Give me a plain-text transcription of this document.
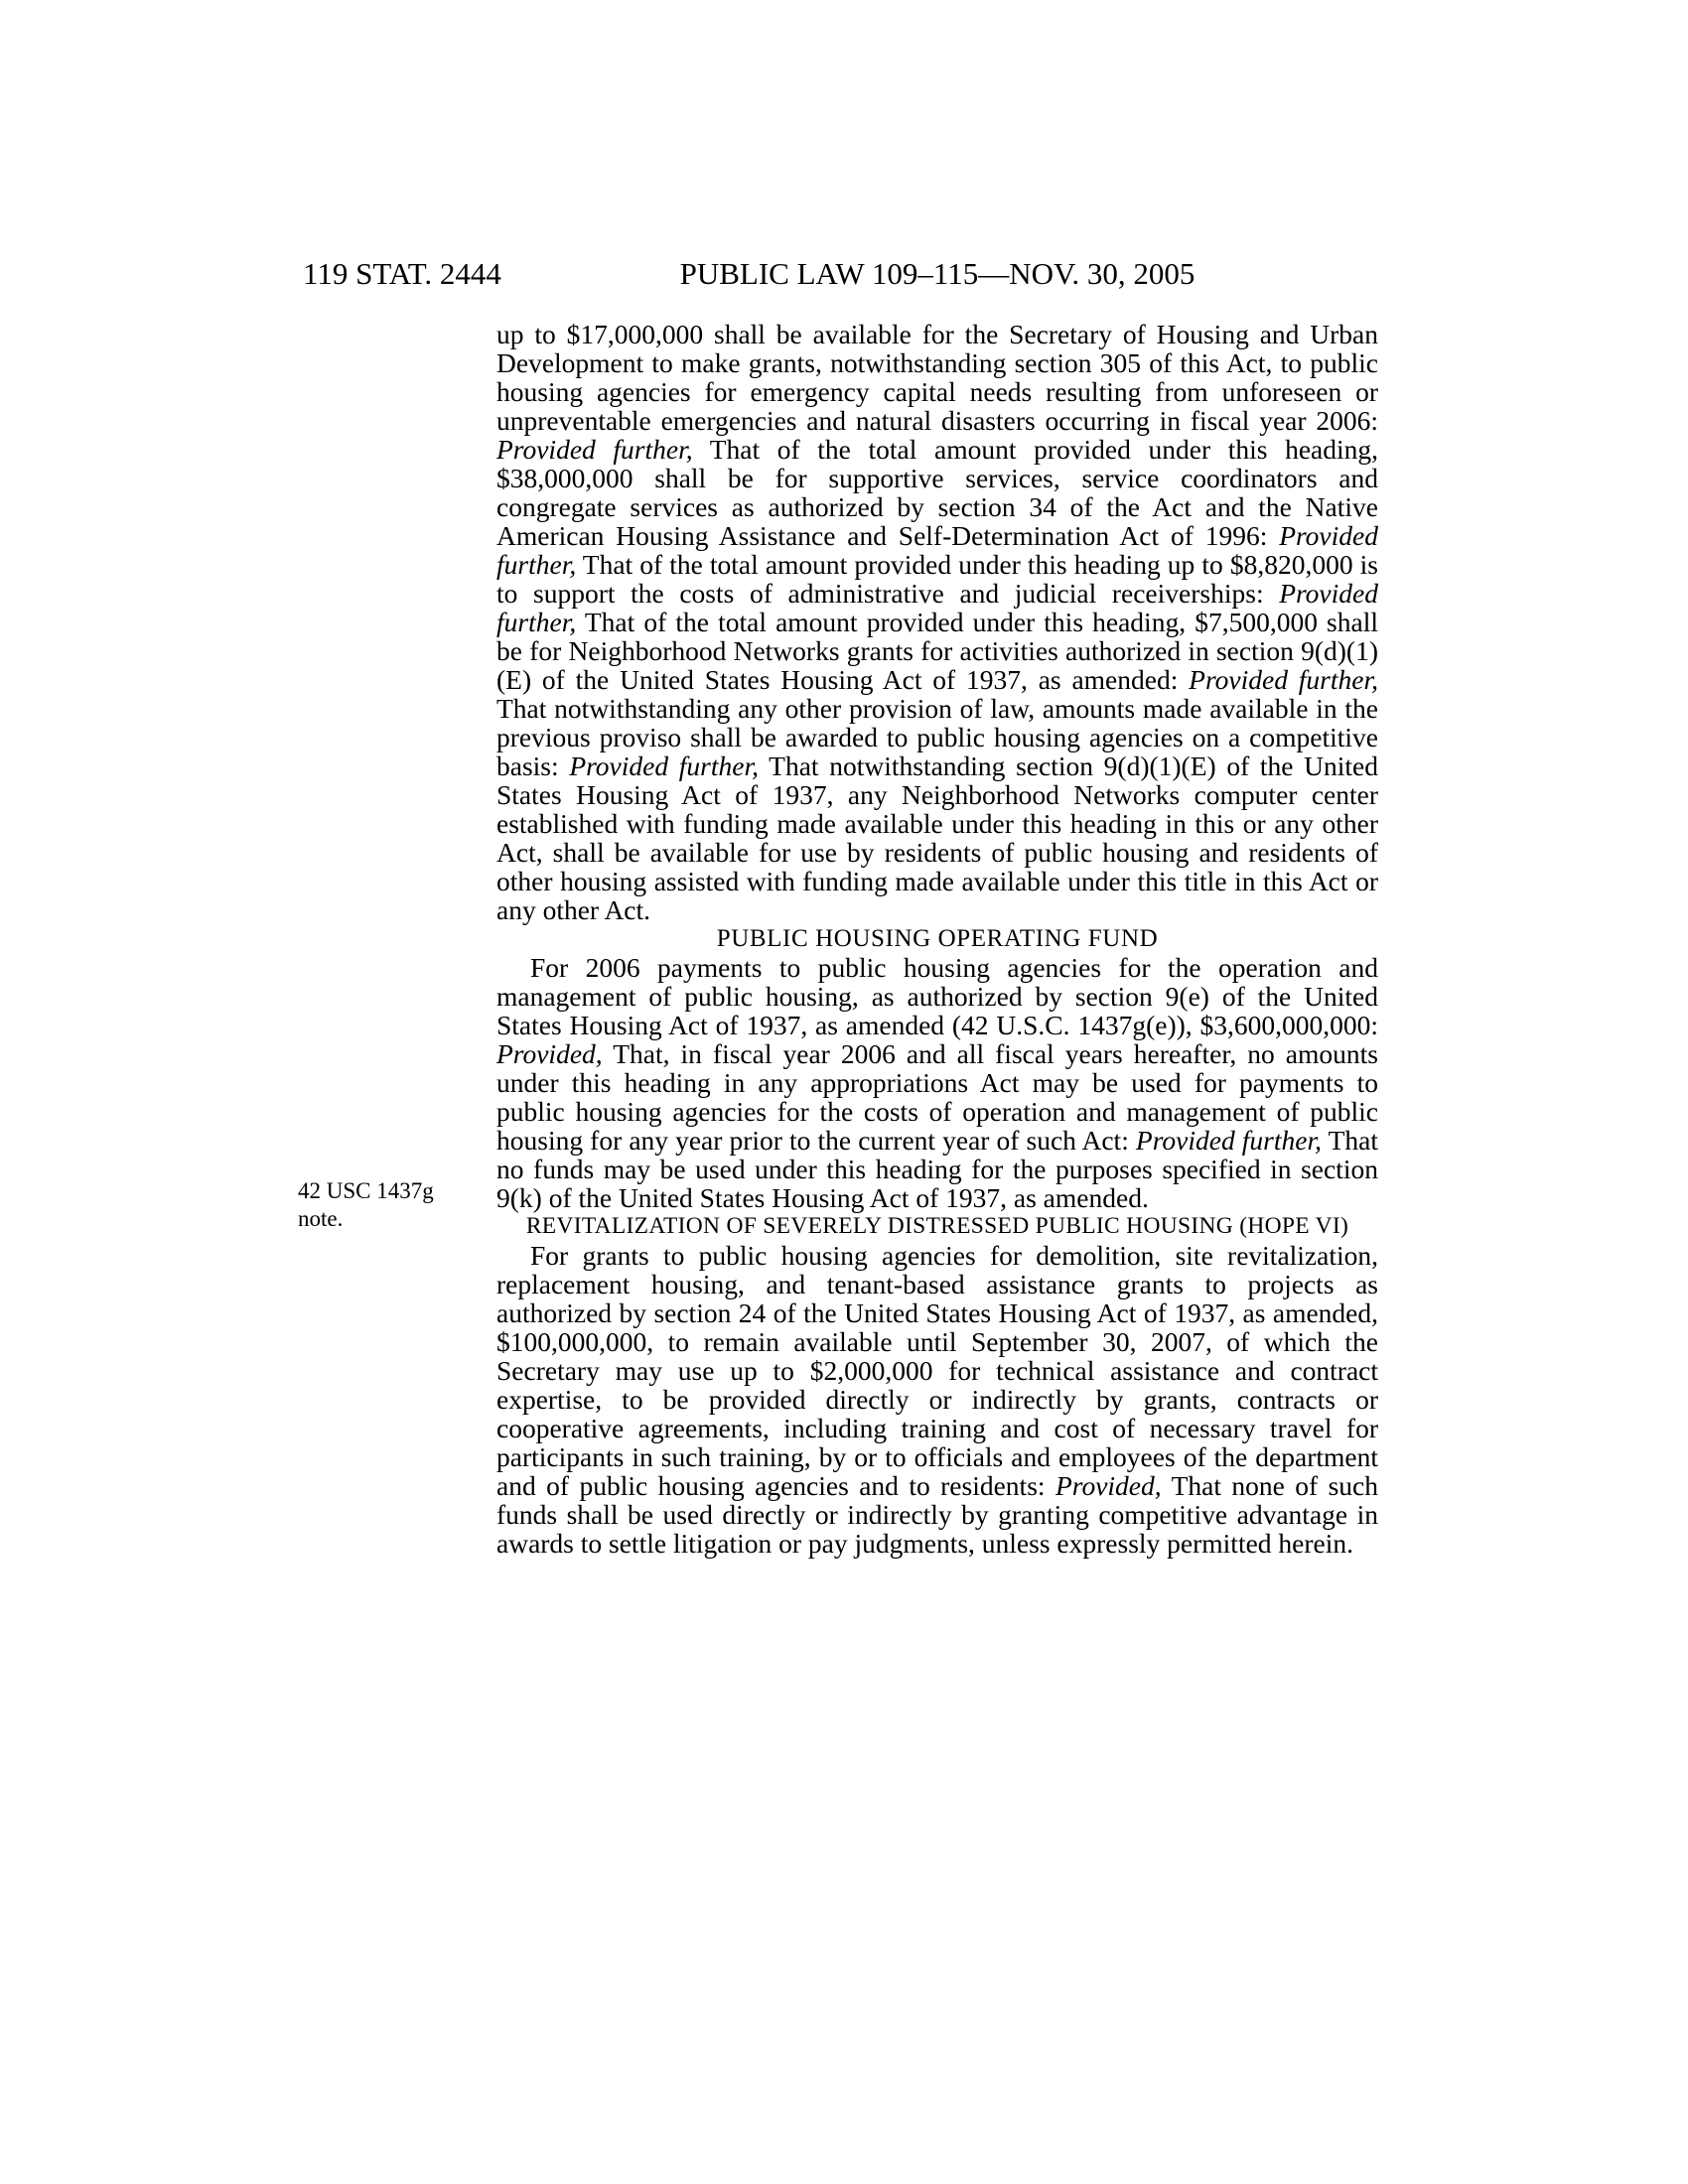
119 STAT. 2444	PUBLIC LAW 109–115—NOV. 30, 2005
42 USC 1437g note.

up to $17,000,000 shall be available for the Secretary of Housing and Urban Development to make grants, notwithstanding section 305 of this Act, to public housing agencies for emergency capital needs resulting from unforeseen or unpreventable emergencies and natural disasters occurring in fiscal year 2006: Provided further, That of the total amount provided under this heading, $38,000,000 shall be for supportive services, service coordinators and congregate services as authorized by section 34 of the Act and the Native American Housing Assistance and Self-Determination Act of 1996: Provided further, That of the total amount provided under this heading up to $8,820,000 is to support the costs of administrative and judicial receiverships: Provided further, That of the total amount provided under this heading, $7,500,000 shall be for Neighborhood Networks grants for activities authorized in section 9(d)(1)(E) of the United States Housing Act of 1937, as amended: Provided further, That notwithstanding any other provision of law, amounts made available in the previous proviso shall be awarded to public housing agencies on a competitive basis: Provided further, That notwithstanding section 9(d)(1)(E) of the United States Housing Act of 1937, any Neighborhood Networks computer center established with funding made available under this heading in this or any other Act, shall be available for use by residents of public housing and residents of other housing assisted with funding made available under this title in this Act or any other Act.

PUBLIC HOUSING OPERATING FUND

For 2006 payments to public housing agencies for the operation and management of public housing, as authorized by section 9(e) of the United States Housing Act of 1937, as amended (42 U.S.C. 1437g(e)), $3,600,000,000: Provided, That, in fiscal year 2006 and all fiscal years hereafter, no amounts under this heading in any appropriations Act may be used for payments to public housing agencies for the costs of operation and management of public housing for any year prior to the current year of such Act: Provided further, That no funds may be used under this heading for the purposes specified in section 9(k) of the United States Housing Act of 1937, as amended.

REVITALIZATION OF SEVERELY DISTRESSED PUBLIC HOUSING (HOPE VI)

For grants to public housing agencies for demolition, site revitalization, replacement housing, and tenant-based assistance grants to projects as authorized by section 24 of the United States Housing Act of 1937, as amended, $100,000,000, to remain available until September 30, 2007, of which the Secretary may use up to $2,000,000 for technical assistance and contract expertise, to be provided directly or indirectly by grants, contracts or cooperative agreements, including training and cost of necessary travel for participants in such training, by or to officials and employees of the department and of public housing agencies and to residents: Provided, That none of such funds shall be used directly or indirectly by granting competitive advantage in awards to settle litigation or pay judgments, unless expressly permitted herein.
